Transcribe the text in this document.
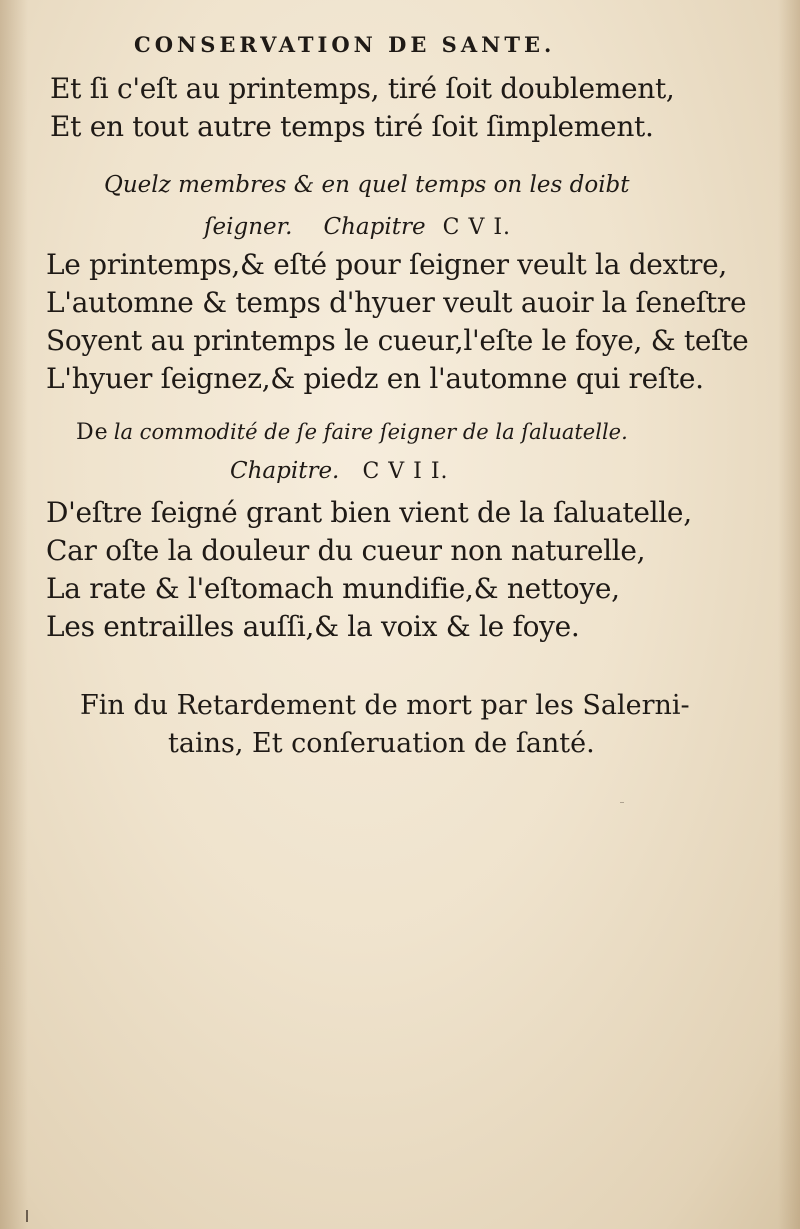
CONSERVATION DE SANTE.
Et ſi c'eſt au printemps, tiré ſoit doublement,
Et en tout autre temps tiré ſoit ſimplement.
Quelz membres & en quel temps on les doibt
ſeigner. Chapitre C V I.
Le printemps,& eſté pour ſeigner veult la dextre,
L'automne & temps d'hyuer veult auoir la ſeneſtre
Soyent au printemps le cueur,l'eſte le foye, & teſte
L'hyuer ſeignez,& piedz en l'automne qui reſte.
De la commodité de ſe faire ſeigner de la ſaluatelle.
Chapitre. C V I I.
D'eſtre ſeigné grant bien vient de la ſaluatelle,
Car oſte la douleur du cueur non naturelle,
La rate & l'eſtomach mundifie,& nettoye,
Les entrailles auſſi,& la voix & le foye.
Fin du Retardement de mort par les Salerni-
tains, Et conſeruation de ſanté.
